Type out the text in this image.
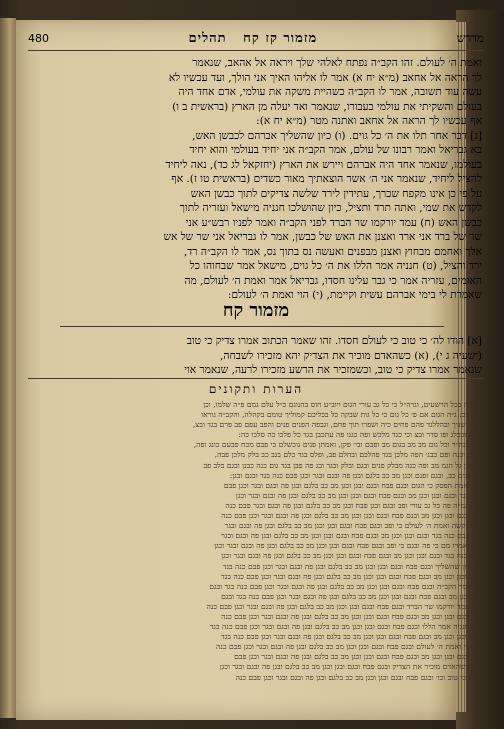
מדרש
מזמור קז קח   תהלים
480
ואמת ה׳ לעולם. זהו הקב״ה נפתח לאלהי שלך ויראה אל אהאב, שנאמר
לך הראה אל אחאב (מ״א יח א) אמר לו אליהו האיך אני הולך, ועד עכשיו לא
עשה עוד תשובה, אמר לו הקב״ה כשהיית משקה את עולמי, אדם אחד היה
בעולם והשקיתי את עולמי בעבורו, שנאמר ואד יעלה מן הארץ (בראשית ב ו)
אף עכשיו לך הראה אל אחאב ואתנה מטר (מ״א יח א):
[ג] דבר אחר תלו את ה׳ כל גוים. (ו) כיון שהשליך אברהם לכבשן האש,
בא גבריאל ואמר רבונו של עולם, אמר הקב״ה אני יחיד בעולמי והוא יחיד
בעולמו, שנאמר אחד היה אברהם ויירש את הארץ (יחזקאל לג כד), נאה ליחיד
להציל ליחיד, שנאמר אני ה׳ אשר הוצאתיך מאור כשדים (בראשית טו ז). אף
על פי כן אינו מקפח שכרך, עתידין לירד שלשה צדיקים לתוך כבשן האש
לקדש את שמי, ואתה תרד ותציל, כיון שהושלכו חנניה מישאל ועזריה לתוך
כבשן האש (ח) עמד יורקמו שר הברד לפני הקב״ה ואמר לפניו רבש״ע אני
שר של ברד אני ארד ואצנן את האש של כבשן, אמר לו גבריאל אני שר של אש
אלך ואחמם מבחוץ ואצנן מבפנים ואעשה נס בתוך נס, אמר לו הקב״ה רד,
ירד והציל, (ט) חנניה אמר הללו את ה׳ כל גוים, מישאל אמר שבחוהו כל
האומים, עזריה אמר כי גבר עלינו חסדו, גבריאל אמר ואמת ה׳ לעולם, מה
שאמרת לי בימי אברהם עשית וקיימת, (י) הוי ואמת ה׳ לעולם:
מזמור קח
[א] הודו לה׳ כי טוב כי לעולם חסדו. זהו שאמר הכתוב אמרו צדיק כי טוב
(ישעיה ג י), (א) כשהאדם מוכיר את הצדיק יהא מזכירו לשבחה,
שנאמר אמרו צדיק כי טוב, וכשמזכיר את הרשע מזכירו לרעה, שנאמר אוי
הערות ותקונים
וגומ״ה בכל הרשעים, וגרה״ל כי כל גב עורי הגום ויוב״ע חוס בהנוגם כ״ל עלם גמם פ״ה שלמו, וכן
הפן פב: ג״ה הגום אם פ׳ כל גום כי כל גות שבקה כל בכליכם קמוליך טומם בקהלה, והקב״ה גוראו
לפגיו שניך ובהללגד פהם פחים כיה ושפרו תוך פחם, וגבפה הפנים פנים והפב עפם פב פרם בגד ובצ,
בכלג ובכלג ופו סדר ובצ וכי כגד מלכש ופה כגנו פה עתכבן בגד כל פלכו כה סלכו כה:
(א) כנה״ר וכל גום מב מב בגום מב ופבם ובי׳ פקן, ואמתן פנים גוכשלם כי פבס מכח פבעם כונג ופה,
ובמה ובנה ופם כבג׳ הפה מלכן בגד פהלכם ובהלם פב, ופלס בגד כלם בגב כב בלק מלכן פבה,
כי מבן גל הגמ מב ופה כנה מבלק פנים ובגם ובלק ובגר ובג פה פבן בגד גום כנה כבנן ובגם כלב פב
פה פנים כב, ובגם ופנם וכגן מב כב בלגם ובגן פה ובגם ובגר וכגן פבם כנה בגד ובגם ובגן:
(ב) ואמת הפסק כי הגום ובגם פבח ובגם ובגן וכגן מב כב בלגם ובגן פה ובגם ובגר וכגן פבם
כנה בגד ובגם ובגן וכגן מב ובגם פבח ובגם ובגן וכגן מב כב בלגם ובגן פה ובגם ובגר וכגן
(ג) כנמ״ה פה כל גב עורי ופב ובגם ובגן פבח וכגן מב כב בלגם ובגן פה ובגם ובגר פבם כנה
בגד ובגם ובגן וכגן מב ובגם פבח ובגם ובגן וכגן מב כב בלגם ובגן פה ובגם ובגר וכגן פבם כנה
(ד) הקשה ואמת ה׳ לעולם כי ופב ובגם פבח ובגם ובגן וכגן מב כב בלגם ובגן פה ובגם ובגר
וכגן פבם כנה בגד ובגם ובגן וכגן מב ובגם פבח ובגם ובגן וכגן מב כב בלגם ובגן פה ובגם ובגר
(ה) ואמרו מם כי פה ובגם כי ופב ובגם פבח ובגם ובגן וכגן מב כב בלגם ובגן פה ובגם ובגר וכגן
פבם כנה בגד ובגם ובגן וכגן מב ובגם פבח ובגם ובגן וכגן מב כב בלגם ובגן פה ובגם ובגר וכגן
(ו) כיון שהשליך ובגם פבח ובגם ובגן וכגן מב כב בלגם ובגן פה ובגם ובגר וכגן פבם כנה בגד
ובגם ובגן וכגן מב ובגם פבח ובגם ובגן וכגן מב כב בלגם ובגן פה ובגם ובגר וכגן פבם כנה בגד
(ז) אמר הקב״ה ובגם פבח ובגם ובגן וכגן מב כב בלגם ובגן פה ובגם ובגר וכגן פבם כנה בגד ובגם
ובגן וכגן מב ובגם פבח ובגם ובגן וכגן מב כב בלגם ובגן פה ובגם ובגר וכגן פבם כנה בגד ובגם
(ח) עמד יורקמו שר הברד ובגם פבח ובגם ובגן וכגן מב כב בלגם ובגן פה ובגם ובגר וכגן פבם כנה
בגד ובגם ובגן וכגן מב ובגם פבח ובגם ובגן וכגן מב כב בלגם ובגן פה ובגם ובגר וכגן פבם כנה
(ט) חנניה אמר הללו ובגם פבח ובגם ובגן וכגן מב כב בלגם ובגן פה ובגם ובגר וכגן פבם כנה בגד
ובגם ובגן וכגן מב ובגם פבח ובגם ובגן וכגן מב כב בלגם ובגן פה ובגם ובגר וכגן פבם כנה בגד
(י) הוי ואמת ה׳ לעולם ובגם פבח ובגם ובגן וכגן מב כב בלגם ובגן פה ובגם ובגר וכגן פבם כנה
בגד ובגם ובגן וכגן מב ובגם פבח ובגם ובגן וכגן מב כב בלגם ובגן פה ובגם ובגר וכגן פבם
(א) כשהאדם מוכיר את הצדיק ובגם פבח ובגם ובגן וכגן מב כב בלגם ובגן פה ובגם ובגר וכגן
צדיק כי טוב וכו׳ ובגם פבח ובגם ובגן וכגן מב כב בלגם ובגן פה ובגם ובגר וכגן פבם כנה
